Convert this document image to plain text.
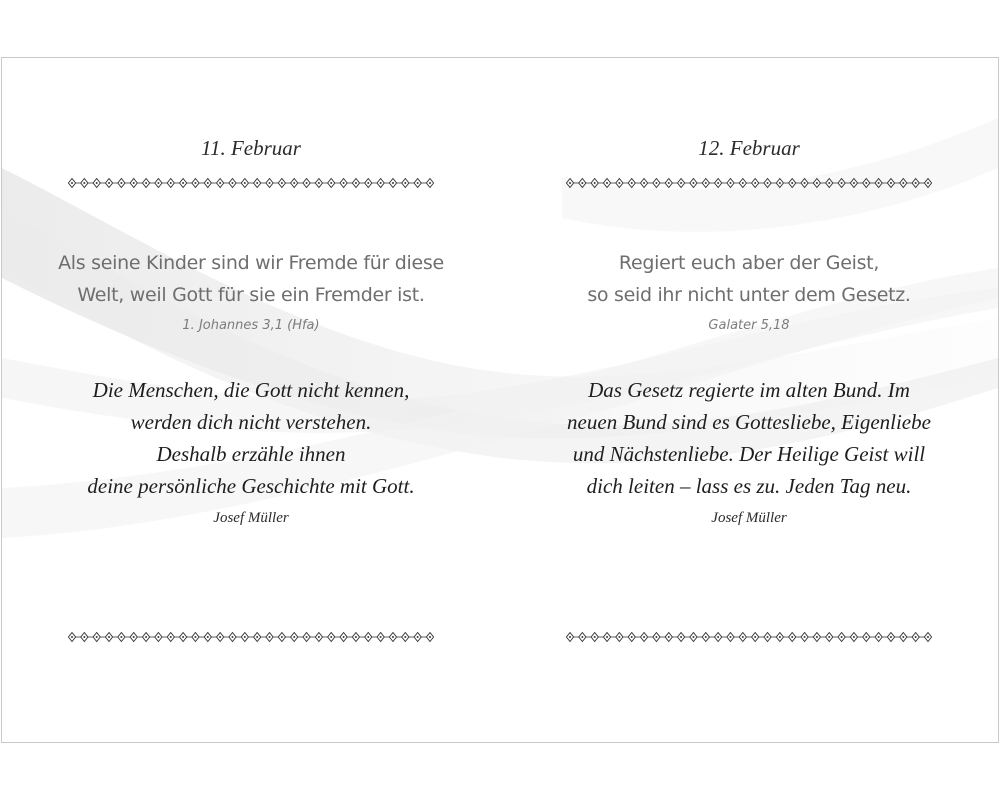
11. Februar
Als seine Kinder sind wir Fremde für diese
Welt, weil Gott für sie ein Fremder ist.
1. Johannes 3,1 (Hfa)
Die Menschen, die Gott nicht kennen,
werden dich nicht verstehen.
Deshalb erzähle ihnen
deine persönliche Geschichte mit Gott.
Josef Müller
12. Februar
Regiert euch aber der Geist,
so seid ihr nicht unter dem Gesetz.
Galater 5,18
Das Gesetz regierte im alten Bund. Im
neuen Bund sind es Gottesliebe, Eigenliebe
und Nächstenliebe. Der Heilige Geist will
dich leiten – lass es zu. Jeden Tag neu.
Josef Müller
